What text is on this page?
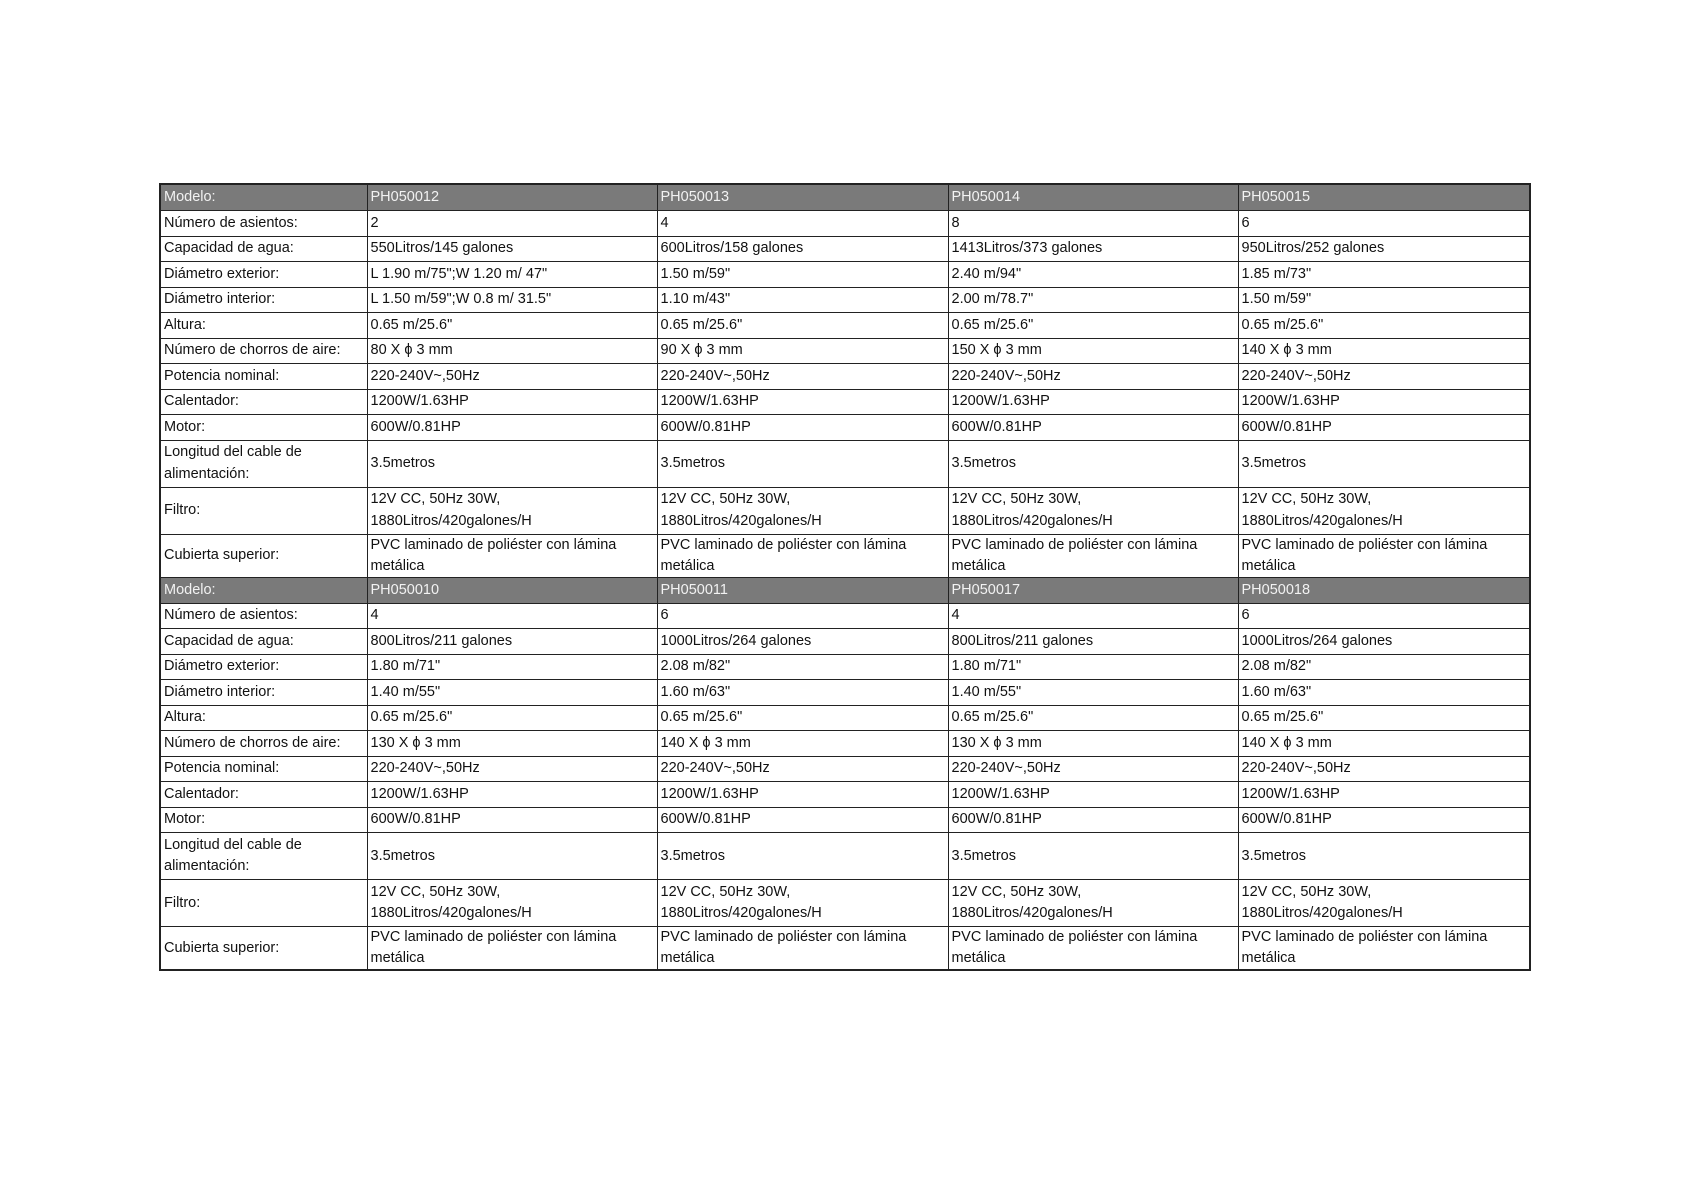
Modelo:	PH050012	PH050013	PH050014	PH050015
Número de asientos:	2	4	8	6
Capacidad de agua:	550Litros/145 galones	600Litros/158 galones	1413Litros/373 galones	950Litros/252 galones
Diámetro exterior:	L 1.90 m/75";W 1.20 m/ 47"	1.50 m/59"	2.40 m/94"	1.85 m/73"
Diámetro interior:	L 1.50 m/59";W 0.8 m/ 31.5"	1.10 m/43"	2.00 m/78.7"	1.50 m/59"
Altura:	0.65 m/25.6"	0.65 m/25.6"	0.65 m/25.6"	0.65 m/25.6"
Número de chorros de aire:	80 X ϕ 3 mm	90 X ϕ 3 mm	150 X ϕ 3 mm	140 X ϕ 3 mm
Potencia nominal:	220-240V~,50Hz	220-240V~,50Hz	220-240V~,50Hz	220-240V~,50Hz
Calentador:	1200W/1.63HP	1200W/1.63HP	1200W/1.63HP	1200W/1.63HP
Motor:	600W/0.81HP	600W/0.81HP	600W/0.81HP	600W/0.81HP
Longitud del cable de alimentación:	3.5metros	3.5metros	3.5metros	3.5metros
Filtro:	12V CC, 50Hz 30W, 1880Litros/420galones/H	12V CC, 50Hz 30W, 1880Litros/420galones/H	12V CC, 50Hz 30W, 1880Litros/420galones/H	12V CC, 50Hz 30W, 1880Litros/420galones/H
Cubierta superior:	PVC laminado de poliéster con lámina metálica	PVC laminado de poliéster con lámina metálica	PVC laminado de poliéster con lámina metálica	PVC laminado de poliéster con lámina metálica
Modelo:	PH050010	PH050011	PH050017	PH050018
Número de asientos:	4	6	4	6
Capacidad de agua:	800Litros/211 galones	1000Litros/264 galones	800Litros/211 galones	1000Litros/264 galones
Diámetro exterior:	1.80 m/71"	2.08 m/82"	1.80 m/71"	2.08 m/82"
Diámetro interior:	1.40 m/55"	1.60 m/63"	1.40 m/55"	1.60 m/63"
Altura:	0.65 m/25.6"	0.65 m/25.6"	0.65 m/25.6"	0.65 m/25.6"
Número de chorros de aire:	130 X ϕ 3 mm	140 X ϕ 3 mm	130 X ϕ 3 mm	140 X ϕ 3 mm
Potencia nominal:	220-240V~,50Hz	220-240V~,50Hz	220-240V~,50Hz	220-240V~,50Hz
Calentador:	1200W/1.63HP	1200W/1.63HP	1200W/1.63HP	1200W/1.63HP
Motor:	600W/0.81HP	600W/0.81HP	600W/0.81HP	600W/0.81HP
Longitud del cable de alimentación:	3.5metros	3.5metros	3.5metros	3.5metros
Filtro:	12V CC, 50Hz 30W, 1880Litros/420galones/H	12V CC, 50Hz 30W, 1880Litros/420galones/H	12V CC, 50Hz 30W, 1880Litros/420galones/H	12V CC, 50Hz 30W, 1880Litros/420galones/H
Cubierta superior:	PVC laminado de poliéster con lámina metálica	PVC laminado de poliéster con lámina metálica	PVC laminado de poliéster con lámina metálica	PVC laminado de poliéster con lámina metálica
